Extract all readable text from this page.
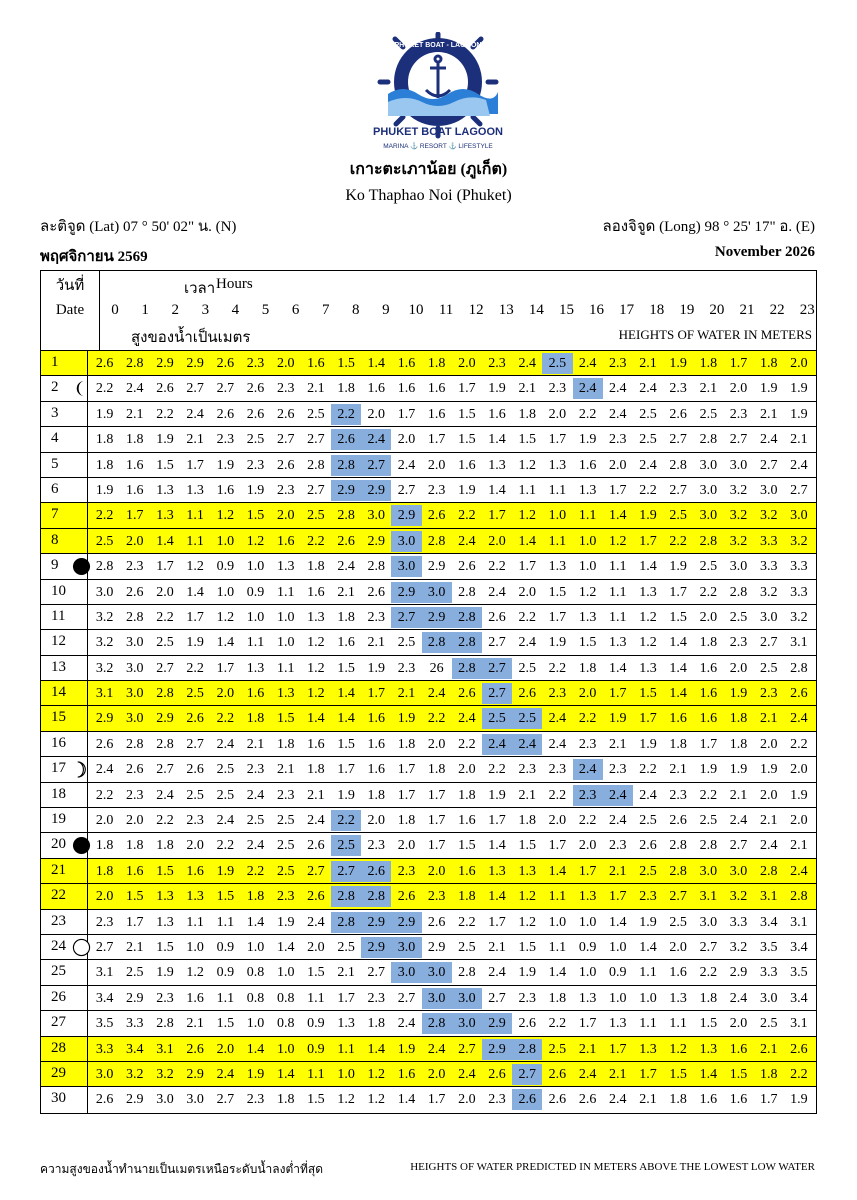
PHUKET BOAT - LAGOON
PHUKET BOAT LAGOON
MARINA ⚓ RESORT ⚓ LIFESTYLE
เกาะตะเภาน้อย (ภูเก็ต)
Ko Thaphao Noi (Phuket)
ละติจูด (Lat) 07 ° 50' 02" น. (N)	ลองจิจูด (Long) 98 ° 25' 17" อ. (E)
พฤศจิกายน 2569	November 2026
วันที่
Date
เวลา Hours
0	1	2	3	4	5	6	7	8	9	10	11	12	13	14	15	16	17	18	19	20	21	22	23
สูงของน้ำเป็นเมตร	HEIGHTS OF WATER IN METERS
1	2.6 2.8 2.9 2.9 2.6 2.3 2.0 1.6 1.5 1.4 1.6 1.8 2.0 2.3 2.4 2.5 2.4 2.3 2.1 1.9 1.8 1.7 1.8 2.0
2	2.2 2.4 2.6 2.7 2.7 2.6 2.3 2.1 1.8 1.6 1.6 1.6 1.7 1.9 2.1 2.3 2.4 2.4 2.4 2.3 2.1 2.0 1.9 1.9
3	1.9 2.1 2.2 2.4 2.6 2.6 2.6 2.5 2.2 2.0 1.7 1.6 1.5 1.6 1.8 2.0 2.2 2.4 2.5 2.6 2.5 2.3 2.1 1.9
4	1.8 1.8 1.9 2.1 2.3 2.5 2.7 2.7 2.6 2.4 2.0 1.7 1.5 1.4 1.5 1.7 1.9 2.3 2.5 2.7 2.8 2.7 2.4 2.1
5	1.8 1.6 1.5 1.7 1.9 2.3 2.6 2.8 2.8 2.7 2.4 2.0 1.6 1.3 1.2 1.3 1.6 2.0 2.4 2.8 3.0 3.0 2.7 2.4
6	1.9 1.6 1.3 1.3 1.6 1.9 2.3 2.7 2.9 2.9 2.7 2.3 1.9 1.4 1.1 1.1 1.3 1.7 2.2 2.7 3.0 3.2 3.0 2.7
7	2.2 1.7 1.3 1.1 1.2 1.5 2.0 2.5 2.8 3.0 2.9 2.6 2.2 1.7 1.2 1.0 1.1 1.4 1.9 2.5 3.0 3.2 3.2 3.0
8	2.5 2.0 1.4 1.1 1.0 1.2 1.6 2.2 2.6 2.9 3.0 2.8 2.4 2.0 1.4 1.1 1.0 1.2 1.7 2.2 2.8 3.2 3.3 3.2
9	2.8 2.3 1.7 1.2 0.9 1.0 1.3 1.8 2.4 2.8 3.0 2.9 2.6 2.2 1.7 1.3 1.0 1.1 1.4 1.9 2.5 3.0 3.3 3.3
10	3.0 2.6 2.0 1.4 1.0 0.9 1.1 1.6 2.1 2.6 2.9 3.0 2.8 2.4 2.0 1.5 1.2 1.1 1.3 1.7 2.2 2.8 3.2 3.3
11	3.2 2.8 2.2 1.7 1.2 1.0 1.0 1.3 1.8 2.3 2.7 2.9 2.8 2.6 2.2 1.7 1.3 1.1 1.2 1.5 2.0 2.5 3.0 3.2
12	3.2 3.0 2.5 1.9 1.4 1.1 1.0 1.2 1.6 2.1 2.5 2.8 2.8 2.7 2.4 1.9 1.5 1.3 1.2 1.4 1.8 2.3 2.7 3.1
13	3.2 3.0 2.7 2.2 1.7 1.3 1.1 1.2 1.5 1.9 2.3	26	2.8 2.7 2.5 2.2 1.8 1.4 1.3 1.4 1.6 2.0 2.5 2.8
14	3.1 3.0 2.8 2.5 2.0 1.6 1.3 1.2 1.4 1.7 2.1 2.4 2.6 2.7 2.6 2.3 2.0 1.7 1.5 1.4 1.6 1.9 2.3 2.6
15	2.9 3.0 2.9 2.6 2.2 1.8 1.5 1.4 1.4 1.6 1.9 2.2 2.4 2.5 2.5 2.4 2.2 1.9 1.7 1.6 1.6 1.8 2.1 2.4
16	2.6 2.8 2.8 2.7 2.4 2.1 1.8 1.6 1.5 1.6 1.8 2.0 2.2 2.4 2.4 2.4 2.3 2.1 1.9 1.8 1.7 1.8 2.0 2.2
17	2.4 2.6 2.7 2.6 2.5 2.3 2.1 1.8 1.7 1.6 1.7 1.8 2.0 2.2 2.3 2.3 2.4 2.3 2.2 2.1 1.9 1.9 1.9 2.0
18	2.2 2.3 2.4 2.5 2.5 2.4 2.3 2.1 1.9 1.8 1.7 1.7 1.8 1.9 2.1 2.2 2.3 2.4 2.4 2.3 2.2 2.1 2.0 1.9
19	2.0 2.0 2.2 2.3 2.4 2.5 2.5 2.4 2.2 2.0 1.8 1.7 1.6 1.7 1.8 2.0 2.2 2.4 2.5 2.6 2.5 2.4 2.1 2.0
20	1.8 1.8 1.8 2.0 2.2 2.4 2.5 2.6 2.5 2.3 2.0 1.7 1.5 1.4 1.5 1.7 2.0 2.3 2.6 2.8 2.8 2.7 2.4 2.1
21	1.8 1.6 1.5 1.6 1.9 2.2 2.5 2.7 2.7 2.6 2.3 2.0 1.6 1.3 1.3 1.4 1.7 2.1 2.5 2.8 3.0 3.0 2.8 2.4
22	2.0 1.5 1.3 1.3 1.5 1.8 2.3 2.6 2.8 2.8 2.6 2.3 1.8 1.4 1.2 1.1 1.3 1.7 2.3 2.7 3.1 3.2 3.1 2.8
23	2.3 1.7 1.3 1.1 1.1 1.4 1.9 2.4 2.8 2.9 2.9 2.6 2.2 1.7 1.2 1.0 1.0 1.4 1.9 2.5 3.0 3.3 3.4 3.1
24	2.7 2.1 1.5 1.0 0.9 1.0 1.4 2.0 2.5 2.9 3.0 2.9 2.5 2.1 1.5 1.1 0.9 1.0 1.4 2.0 2.7 3.2 3.5 3.4
25	3.1 2.5 1.9 1.2 0.9 0.8 1.0 1.5 2.1 2.7 3.0 3.0 2.8 2.4 1.9 1.4 1.0 0.9 1.1 1.6 2.2 2.9 3.3 3.5
26	3.4 2.9 2.3 1.6 1.1 0.8 0.8 1.1 1.7 2.3 2.7 3.0 3.0 2.7 2.3 1.8 1.3 1.0 1.0 1.3 1.8 2.4 3.0 3.4
27	3.5 3.3 2.8 2.1 1.5 1.0 0.8 0.9 1.3 1.8 2.4 2.8 3.0 2.9 2.6 2.2 1.7 1.3 1.1 1.1 1.5 2.0 2.5 3.1
28	3.3 3.4 3.1 2.6 2.0 1.4 1.0 0.9 1.1 1.4 1.9 2.4 2.7 2.9 2.8 2.5 2.1 1.7 1.3 1.2 1.3 1.6 2.1 2.6
29	3.0 3.2 3.2 2.9 2.4 1.9 1.4 1.1 1.0 1.2 1.6 2.0 2.4 2.6 2.7 2.6 2.4 2.1 1.7 1.5 1.4 1.5 1.8 2.2
30	2.6 2.9 3.0 3.0 2.7 2.3 1.8 1.5 1.2 1.2 1.4 1.7 2.0 2.3 2.6 2.6 2.6 2.4 2.1 1.8 1.6 1.6 1.7 1.9
ความสูงของน้ำทำนายเป็นเมตรเหนือระดับน้ำลงต่ำที่สุด	HEIGHTS OF WATER PREDICTED IN METERS ABOVE THE LOWEST LOW WATER
